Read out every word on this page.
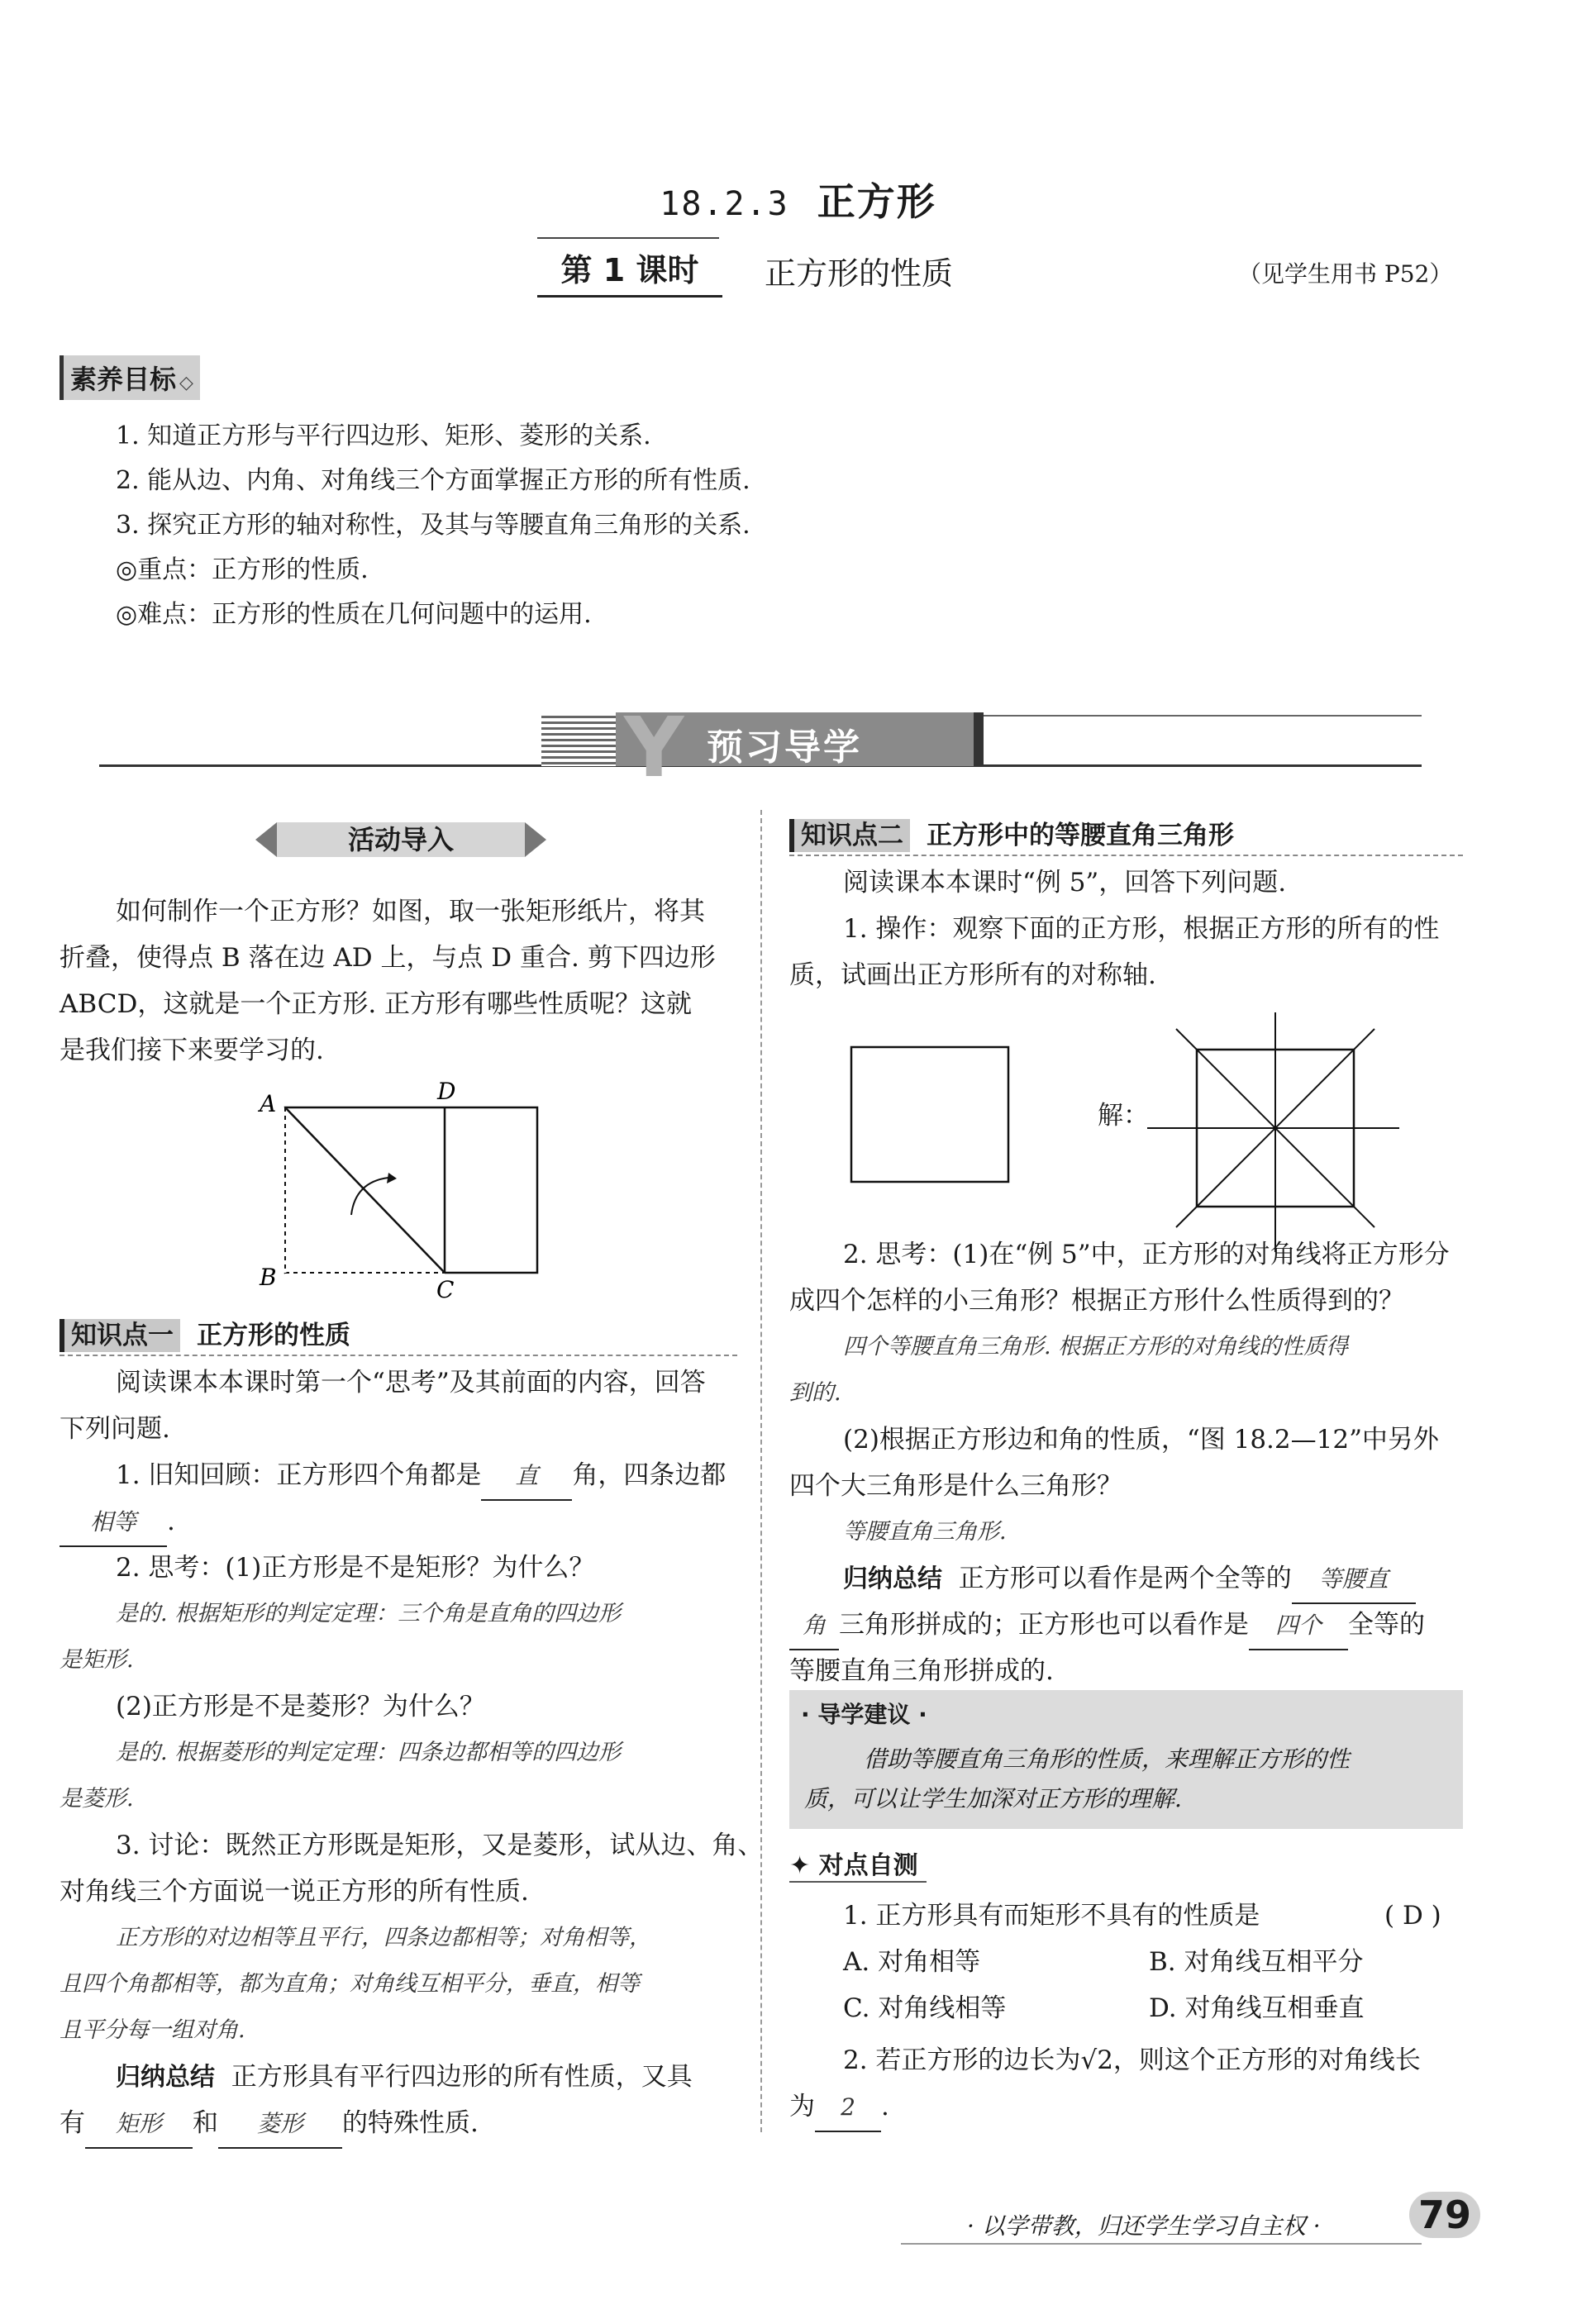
18.2.3 正方形
第 1 课时	正方形的性质	（见学生用书 P52）
素养目标 ◇
1. 知道正方形与平行四边形、矩形、菱形的关系.
2. 能从边、内角、对角线三个方面掌握正方形的所有性质.
3. 探究正方形的轴对称性，及其与等腰直角三角形的关系.
◎重点：正方形的性质.
◎难点：正方形的性质在几何问题中的运用.
Y 预习导学
活动导入
如何制作一个正方形？如图，取一张矩形纸片，将其
折叠，使得点 B 落在边 AD 上，与点 D 重合. 剪下四边形
ABCD，这就是一个正方形. 正方形有哪些性质呢？这就
是我们接下来要学习的.
A	D
B	C
知识点一 正方形的性质
阅读课本本课时第一个“思考”及其前面的内容，回答
下列问题.
1. 旧知回顾：正方形四个角都是 直 角，四条边都
相等 .
2. 思考：(1)正方形是不是矩形？为什么？
是的. 根据矩形的判定定理：三个角是直角的四边形
是矩形.
(2)正方形是不是菱形？为什么？
是的. 根据菱形的判定定理：四条边都相等的四边形
是菱形.
3. 讨论：既然正方形既是矩形，又是菱形，试从边、角、
对角线三个方面说一说正方形的所有性质.
正方形的对边相等且平行，四条边都相等；对角相等，
且四个角都相等，都为直角；对角线互相平分，垂直，相等
且平分每一组对角.
归纳总结 正方形具有平行四边形的所有性质，又具
有 矩形 和 菱形 的特殊性质.
知识点二 正方形中的等腰直角三角形
阅读课本本课时“例 5”，回答下列问题.
1. 操作：观察下面的正方形，根据正方形的所有的性
质，试画出正方形所有的对称轴.
解：
2. 思考：(1)在“例 5”中，正方形的对角线将正方形分
成四个怎样的小三角形？根据正方形什么性质得到的？
四个等腰直角三角形. 根据正方形的对角线的性质得
到的.
(2)根据正方形边和角的性质，“图 18.2—12”中另外
四个大三角形是什么三角形？
等腰直角三角形.
归纳总结 正方形可以看作是两个全等的 等腰直
角 三角形拼成的；正方形也可以看作是 四个 全等的
等腰直角三角形拼成的.
· 导学建议 ·
借助等腰直角三角形的性质，来理解正方形的性
质，可以让学生加深对正方形的理解.
✦ 对点自测
1. 正方形具有而矩形不具有的性质是	( D )
A. 对角相等	B. 对角线互相平分
C. 对角线相等	D. 对角线互相垂直
2. 若正方形的边长为√2，则这个正方形的对角线长
为 2 .
· 以学带教，归还学生学习自主权 ·	79
